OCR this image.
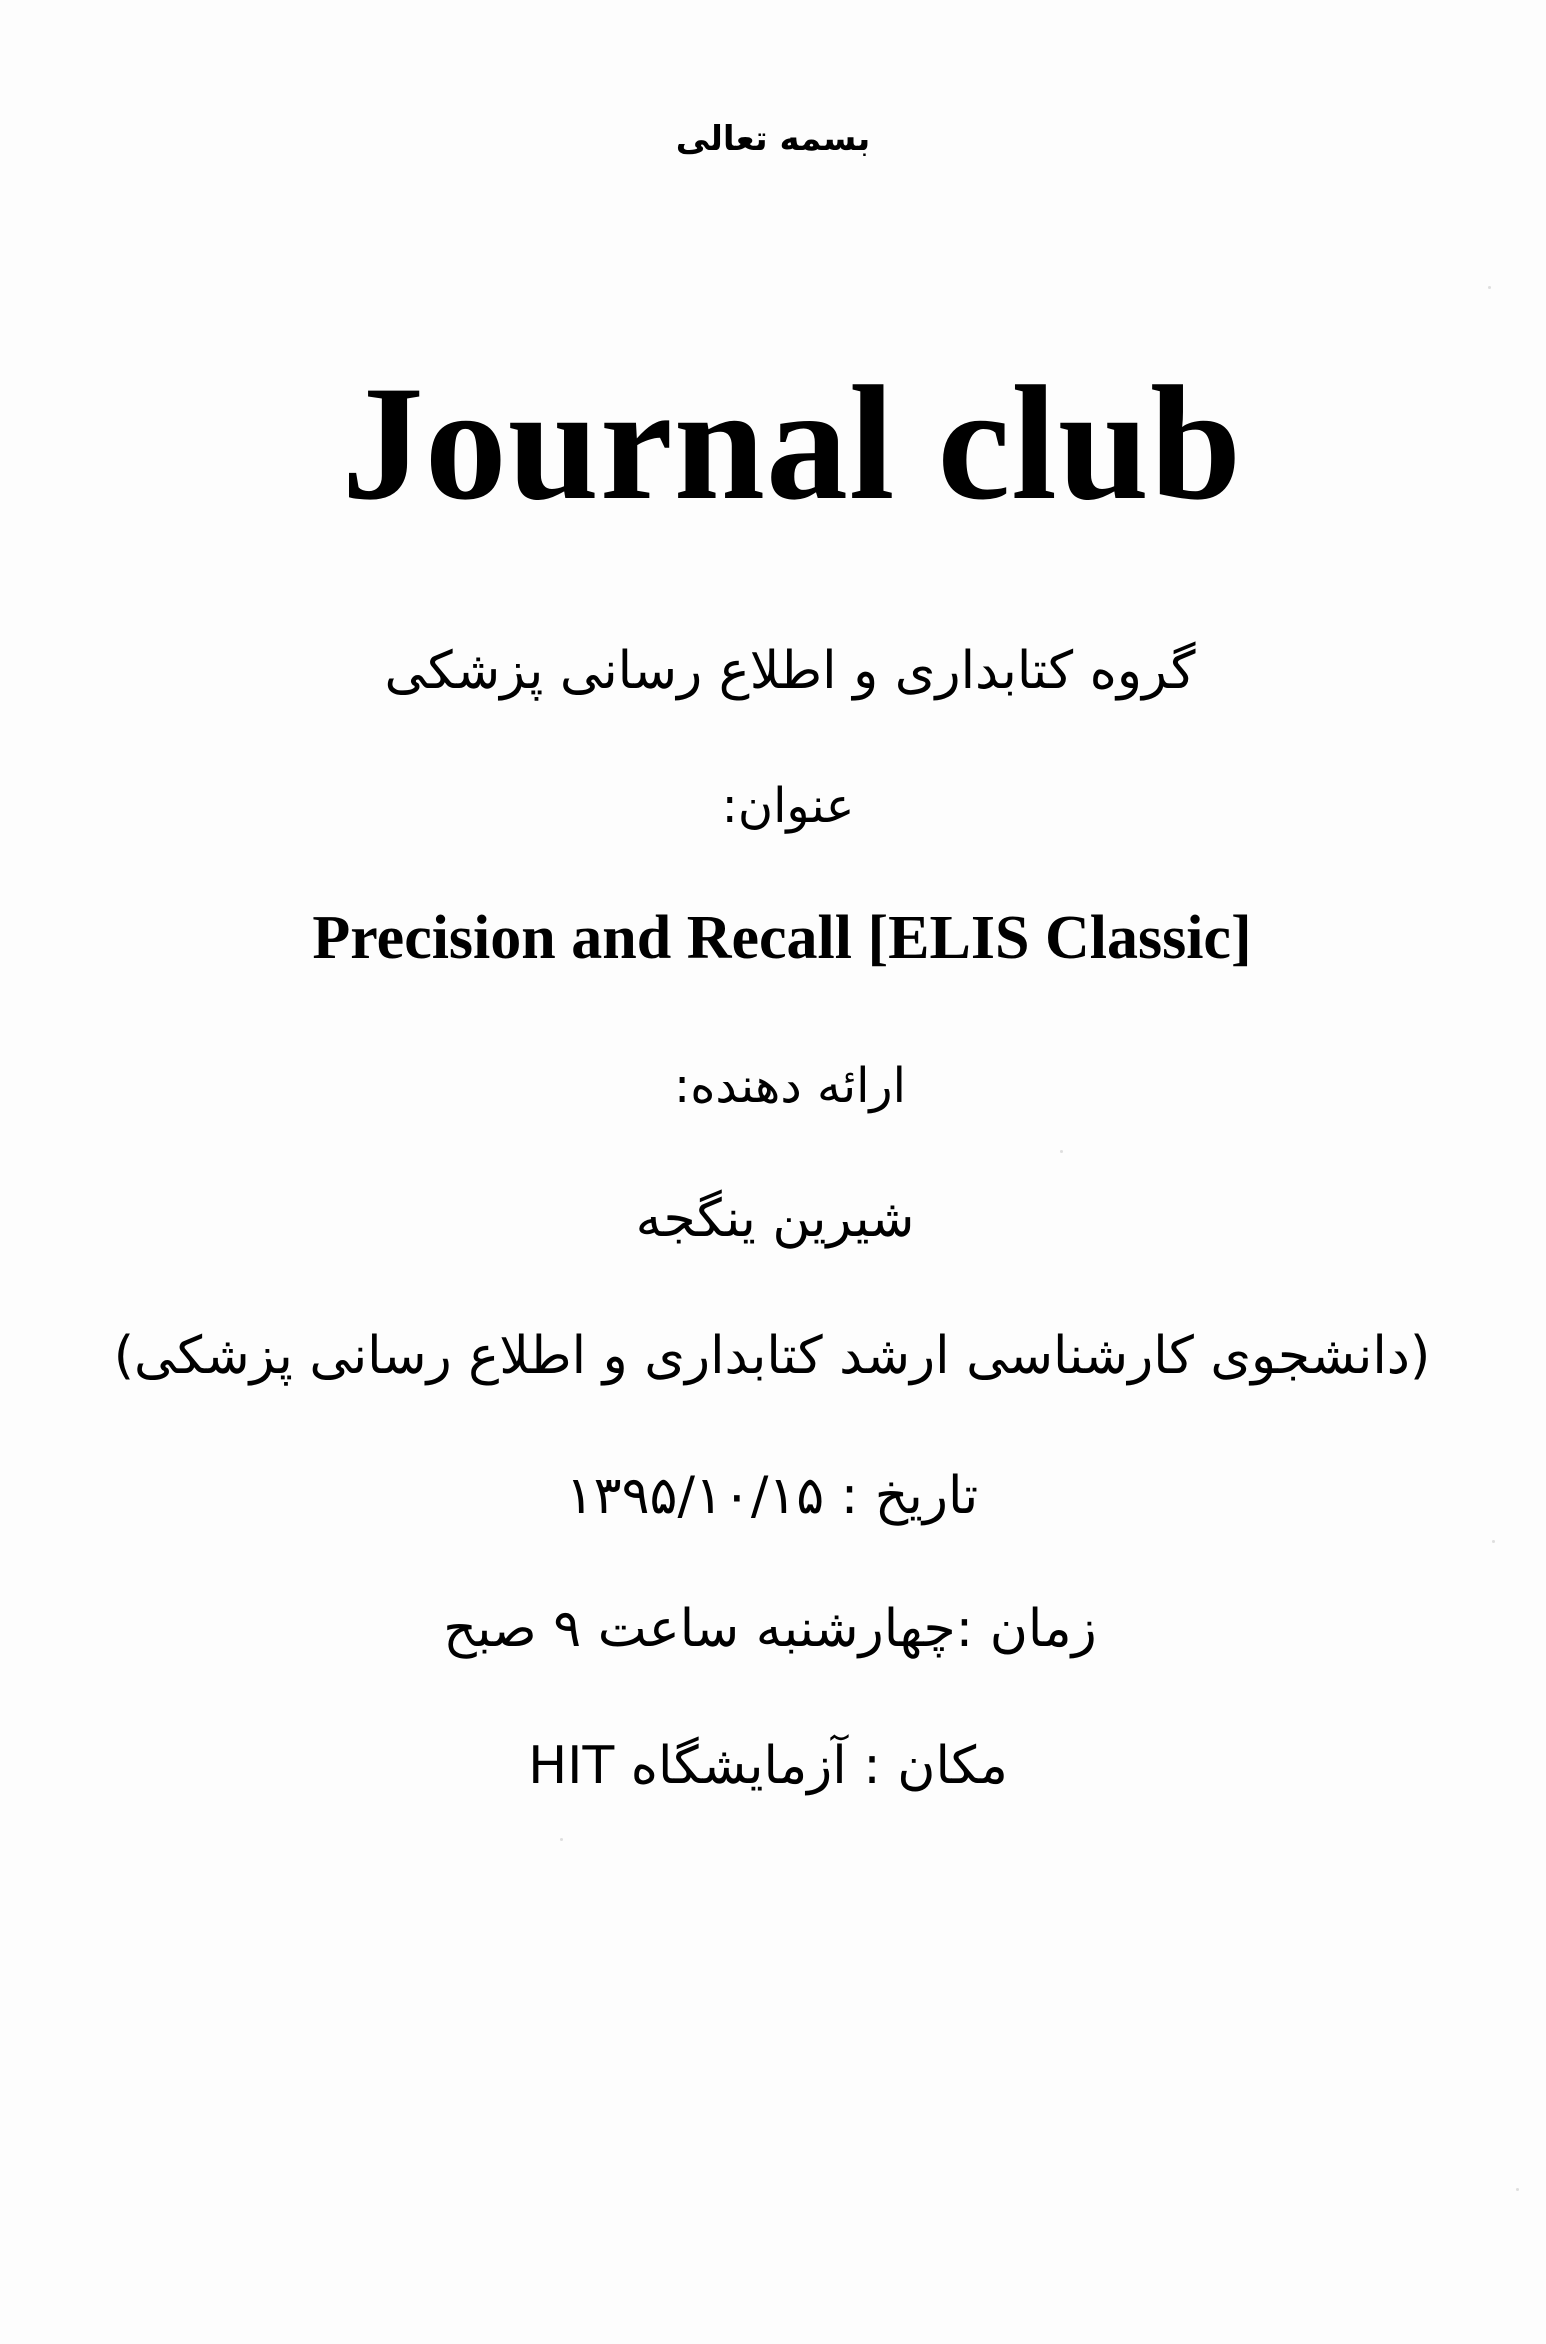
بسمه تعالی
Journal club
گروه کتابداری و اطلاع رسانی پزشکی
عنوان:
Precision and Recall [ELIS Classic]
ارائه دهنده:
شیرین ینگجه
(دانشجوی کارشناسی ارشد کتابداری و اطلاع رسانی پزشکی)
تاریخ : ۱۳۹۵/۱۰/۱۵
زمان :چهارشنبه ساعت ۹ صبح
مکان : آزمایشگاه HIT
